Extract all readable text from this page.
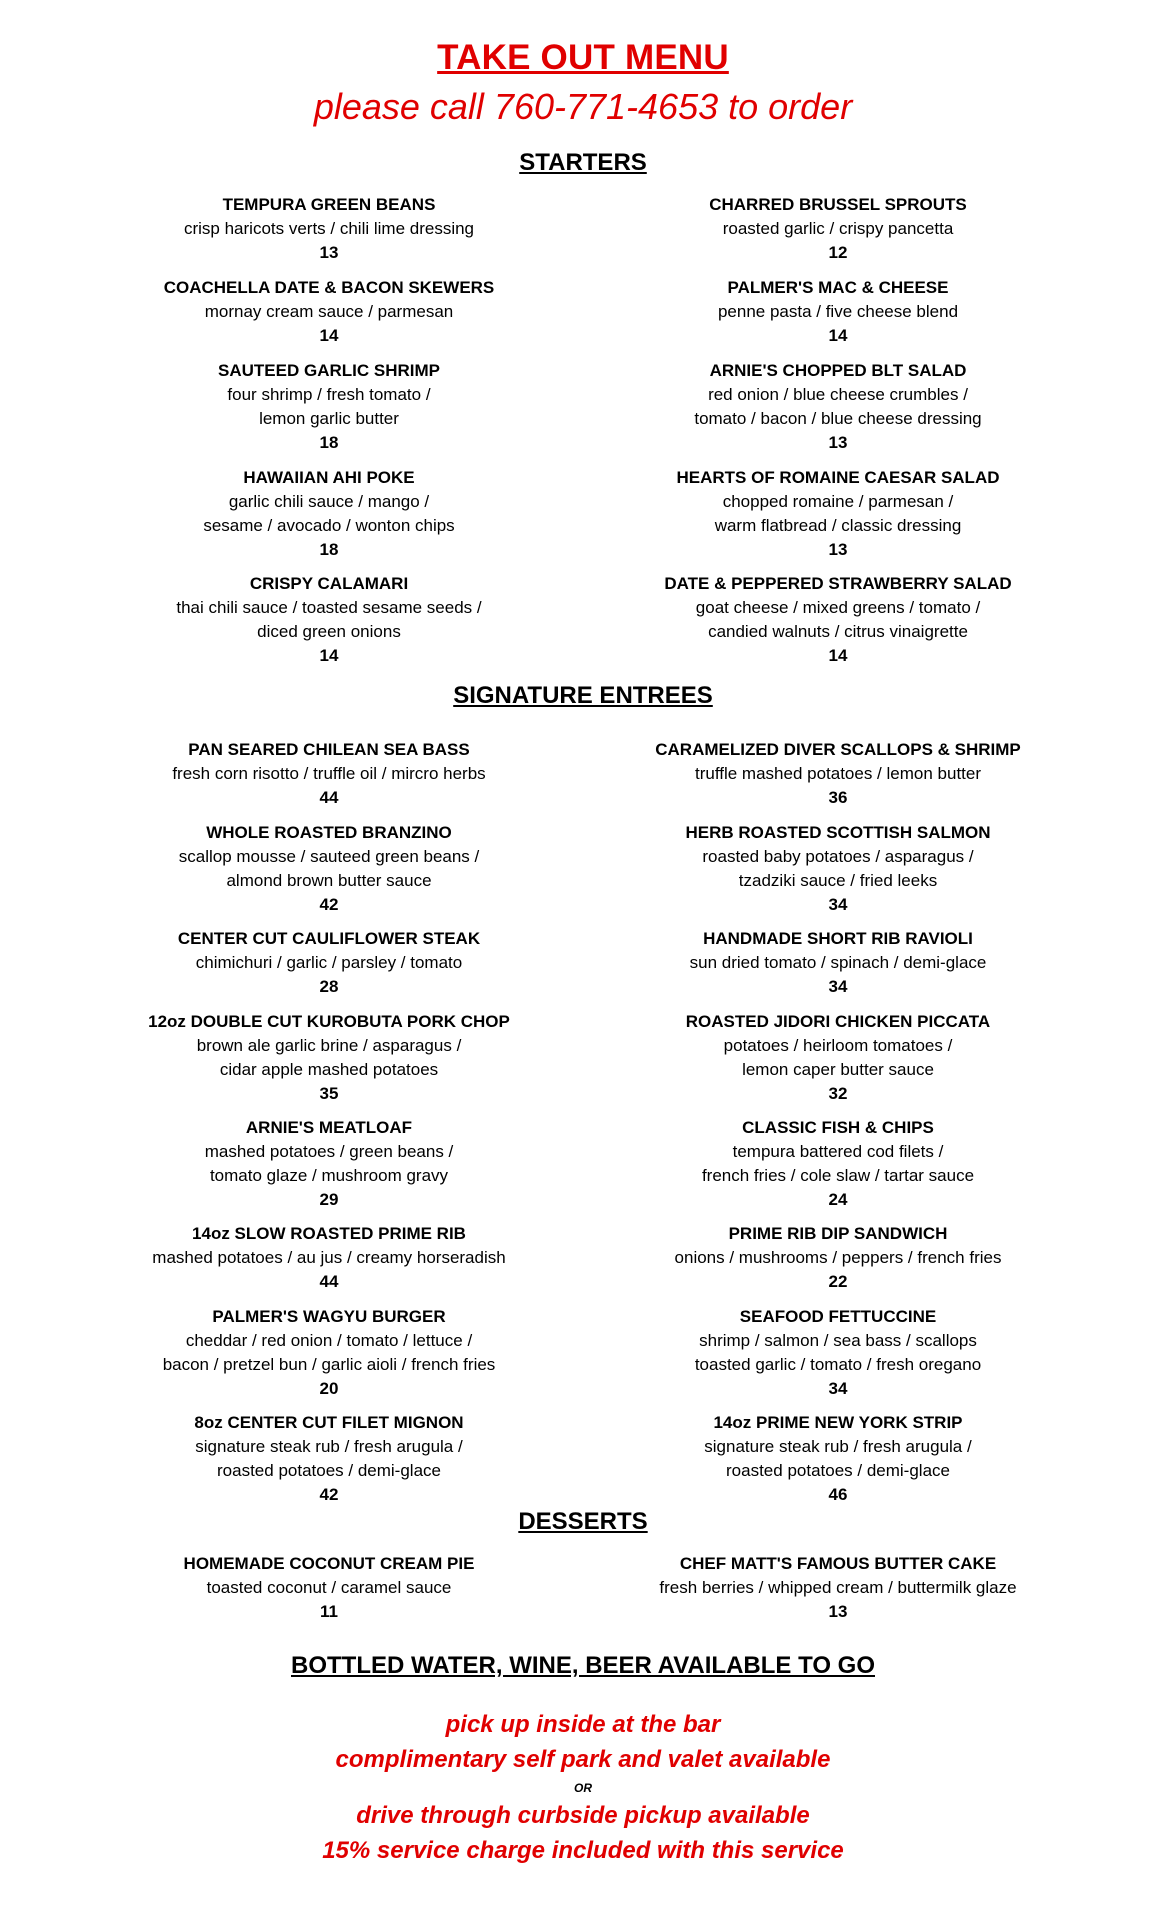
TAKE OUT MENU
please call 760-771-4653 to order
STARTERS
TEMPURA GREEN BEANS
crisp haricots verts / chili lime dressing
13
CHARRED BRUSSEL SPROUTS
roasted garlic / crispy pancetta
12
COACHELLA DATE & BACON SKEWERS
mornay cream sauce / parmesan
14
PALMER'S MAC & CHEESE
penne pasta / five cheese blend
14
SAUTEED GARLIC SHRIMP
four shrimp / fresh tomato /
lemon garlic butter
18
ARNIE'S CHOPPED BLT SALAD
red onion / blue cheese crumbles /
tomato / bacon / blue cheese dressing
13
HAWAIIAN AHI POKE
garlic chili sauce / mango /
sesame / avocado / wonton chips
18
HEARTS OF ROMAINE CAESAR SALAD
chopped romaine / parmesan /
warm flatbread / classic dressing
13
CRISPY CALAMARI
thai chili sauce / toasted sesame seeds /
diced green onions
14
DATE & PEPPERED STRAWBERRY SALAD
goat cheese / mixed greens / tomato /
candied walnuts / citrus vinaigrette
14
SIGNATURE ENTREES
PAN SEARED CHILEAN SEA BASS
fresh corn risotto / truffle oil / mircro herbs
44
CARAMELIZED DIVER SCALLOPS & SHRIMP
truffle mashed potatoes / lemon butter
36
WHOLE ROASTED BRANZINO
scallop mousse / sauteed green beans /
almond brown butter sauce
42
HERB ROASTED SCOTTISH SALMON
roasted baby potatoes / asparagus /
tzadziki sauce / fried leeks
34
CENTER CUT CAULIFLOWER STEAK
chimichuri / garlic / parsley / tomato
28
HANDMADE SHORT RIB RAVIOLI
sun dried tomato / spinach / demi-glace
34
12oz DOUBLE CUT KUROBUTA PORK CHOP
brown ale garlic brine / asparagus /
cidar apple mashed potatoes
35
ROASTED JIDORI CHICKEN PICCATA
potatoes / heirloom tomatoes /
lemon caper butter sauce
32
ARNIE'S MEATLOAF
mashed potatoes / green beans /
tomato glaze / mushroom gravy
29
CLASSIC FISH & CHIPS
tempura battered cod filets /
french fries / cole slaw / tartar sauce
24
14oz SLOW ROASTED PRIME RIB
mashed potatoes / au jus / creamy horseradish
44
PRIME RIB DIP SANDWICH
onions / mushrooms / peppers / french fries
22
PALMER'S WAGYU BURGER
cheddar / red onion / tomato / lettuce /
bacon / pretzel bun / garlic aioli / french fries
20
SEAFOOD FETTUCCINE
shrimp / salmon / sea bass / scallops
toasted garlic / tomato / fresh oregano
34
8oz CENTER CUT FILET MIGNON
signature steak rub / fresh arugula /
roasted potatoes / demi-glace
42
14oz PRIME NEW YORK STRIP
signature steak rub / fresh arugula /
roasted potatoes / demi-glace
46
DESSERTS
HOMEMADE COCONUT CREAM PIE
toasted coconut / caramel sauce
11
CHEF MATT'S FAMOUS BUTTER CAKE
fresh berries / whipped cream / buttermilk glaze
13
BOTTLED WATER, WINE, BEER AVAILABLE TO GO
pick up inside at the bar
complimentary self park and valet available
OR
drive through curbside pickup available
15% service charge included with this service
